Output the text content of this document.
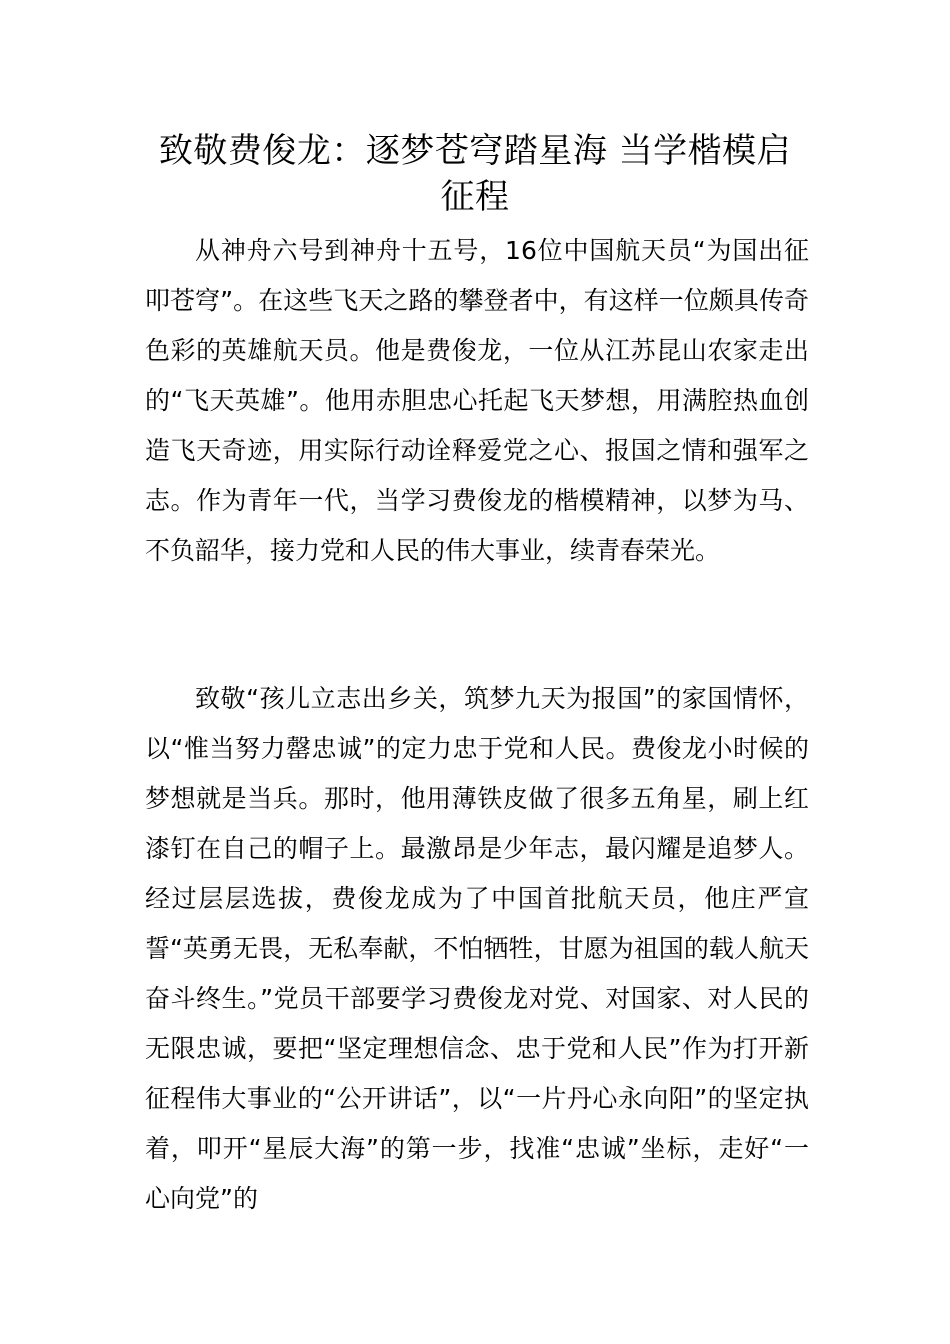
致敬费俊龙：逐梦苍穹踏星海 当学楷模启征程

从神舟六号到神舟十五号，16位中国航天员“为国出征叩苍穹”。在这些飞天之路的攀登者中，有这样一位颇具传奇色彩的英雄航天员。他是费俊龙，一位从江苏昆山农家走出的“飞天英雄”。他用赤胆忠心托起飞天梦想，用满腔热血创造飞天奇迹，用实际行动诠释爱党之心、报国之情和强军之志。作为青年一代，当学习费俊龙的楷模精神，以梦为马、不负韶华，接力党和人民的伟大事业，续青春荣光。

致敬“孩儿立志出乡关，筑梦九天为报国”的家国情怀，以“惟当努力罄忠诚”的定力忠于党和人民。费俊龙小时候的梦想就是当兵。那时，他用薄铁皮做了很多五角星，刷上红漆钉在自己的帽子上。最激昂是少年志，最闪耀是追梦人。经过层层选拔，费俊龙成为了中国首批航天员，他庄严宣誓“英勇无畏，无私奉献，不怕牺牲，甘愿为祖国的载人航天奋斗终生。”党员干部要学习费俊龙对党、对国家、对人民的无限忠诚，要把“坚定理想信念、忠于党和人民”作为打开新征程伟大事业的“公开讲话”，以“一片丹心永向阳”的坚定执着，叩开“星辰大海”的第一步，找准“忠诚”坐标，走好“一心向党”的
